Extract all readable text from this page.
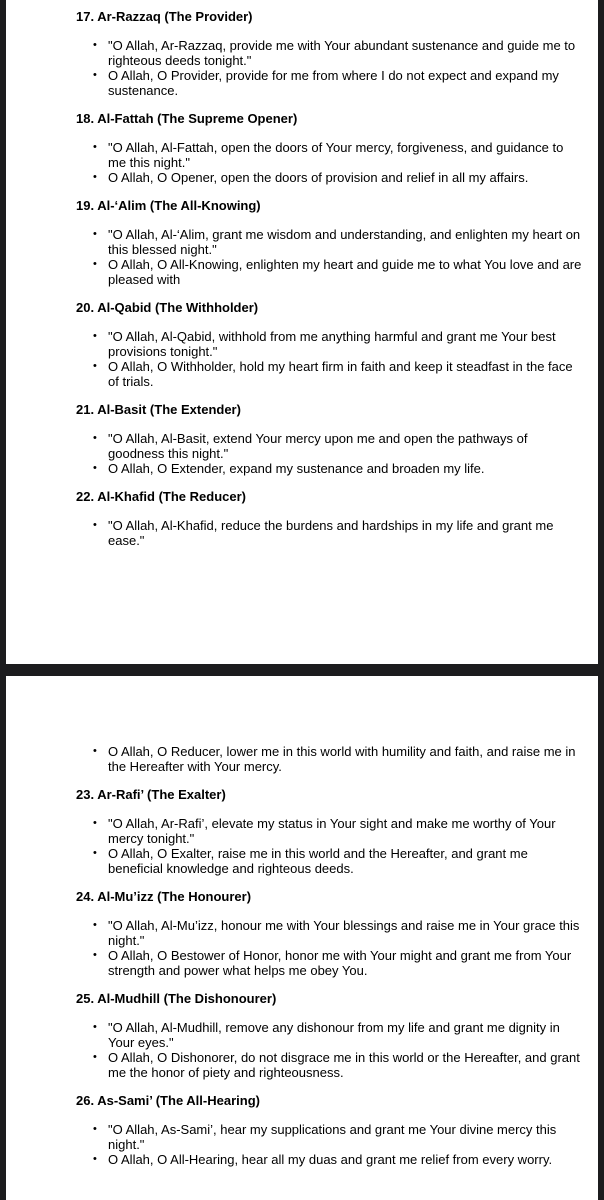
17. Ar-Razzaq (The Provider)

• "O Allah, Ar-Razzaq, provide me with Your abundant sustenance and guide me to righteous deeds tonight."
• O Allah, O Provider, provide for me from where I do not expect and expand my sustenance.

18. Al-Fattah (The Supreme Opener)

• "O Allah, Al-Fattah, open the doors of Your mercy, forgiveness, and guidance to me this night."
• O Allah, O Opener, open the doors of provision and relief in all my affairs.

19. Al-‘Alim (The All-Knowing)

• "O Allah, Al-‘Alim, grant me wisdom and understanding, and enlighten my heart on this blessed night."
• O Allah, O All-Knowing, enlighten my heart and guide me to what You love and are pleased with

20. Al-Qabid (The Withholder)

• "O Allah, Al-Qabid, withhold from me anything harmful and grant me Your best provisions tonight."
• O Allah, O Withholder, hold my heart firm in faith and keep it steadfast in the face of trials.

21. Al-Basit (The Extender)

• "O Allah, Al-Basit, extend Your mercy upon me and open the pathways of goodness this night."
• O Allah, O Extender, expand my sustenance and broaden my life.

22. Al-Khafid (The Reducer)

• "O Allah, Al-Khafid, reduce the burdens and hardships in my life and grant me ease."
• O Allah, O Reducer, lower me in this world with humility and faith, and raise me in the Hereafter with Your mercy.

23. Ar-Rafi’ (The Exalter)

• "O Allah, Ar-Rafi’, elevate my status in Your sight and make me worthy of Your mercy tonight."
• O Allah, O Exalter, raise me in this world and the Hereafter, and grant me beneficial knowledge and righteous deeds.

24. Al-Mu’izz (The Honourer)

• "O Allah, Al-Mu’izz, honour me with Your blessings and raise me in Your grace this night."
• O Allah, O Bestower of Honor, honor me with Your might and grant me from Your strength and power what helps me obey You.

25. Al-Mudhill (The Dishonourer)

• "O Allah, Al-Mudhill, remove any dishonour from my life and grant me dignity in Your eyes."
• O Allah, O Dishonorer, do not disgrace me in this world or the Hereafter, and grant me the honor of piety and righteousness.

26. As-Sami’ (The All-Hearing)

• "O Allah, As-Sami’, hear my supplications and grant me Your divine mercy this night."
• O Allah, O All-Hearing, hear all my duas and grant me relief from every worry.
